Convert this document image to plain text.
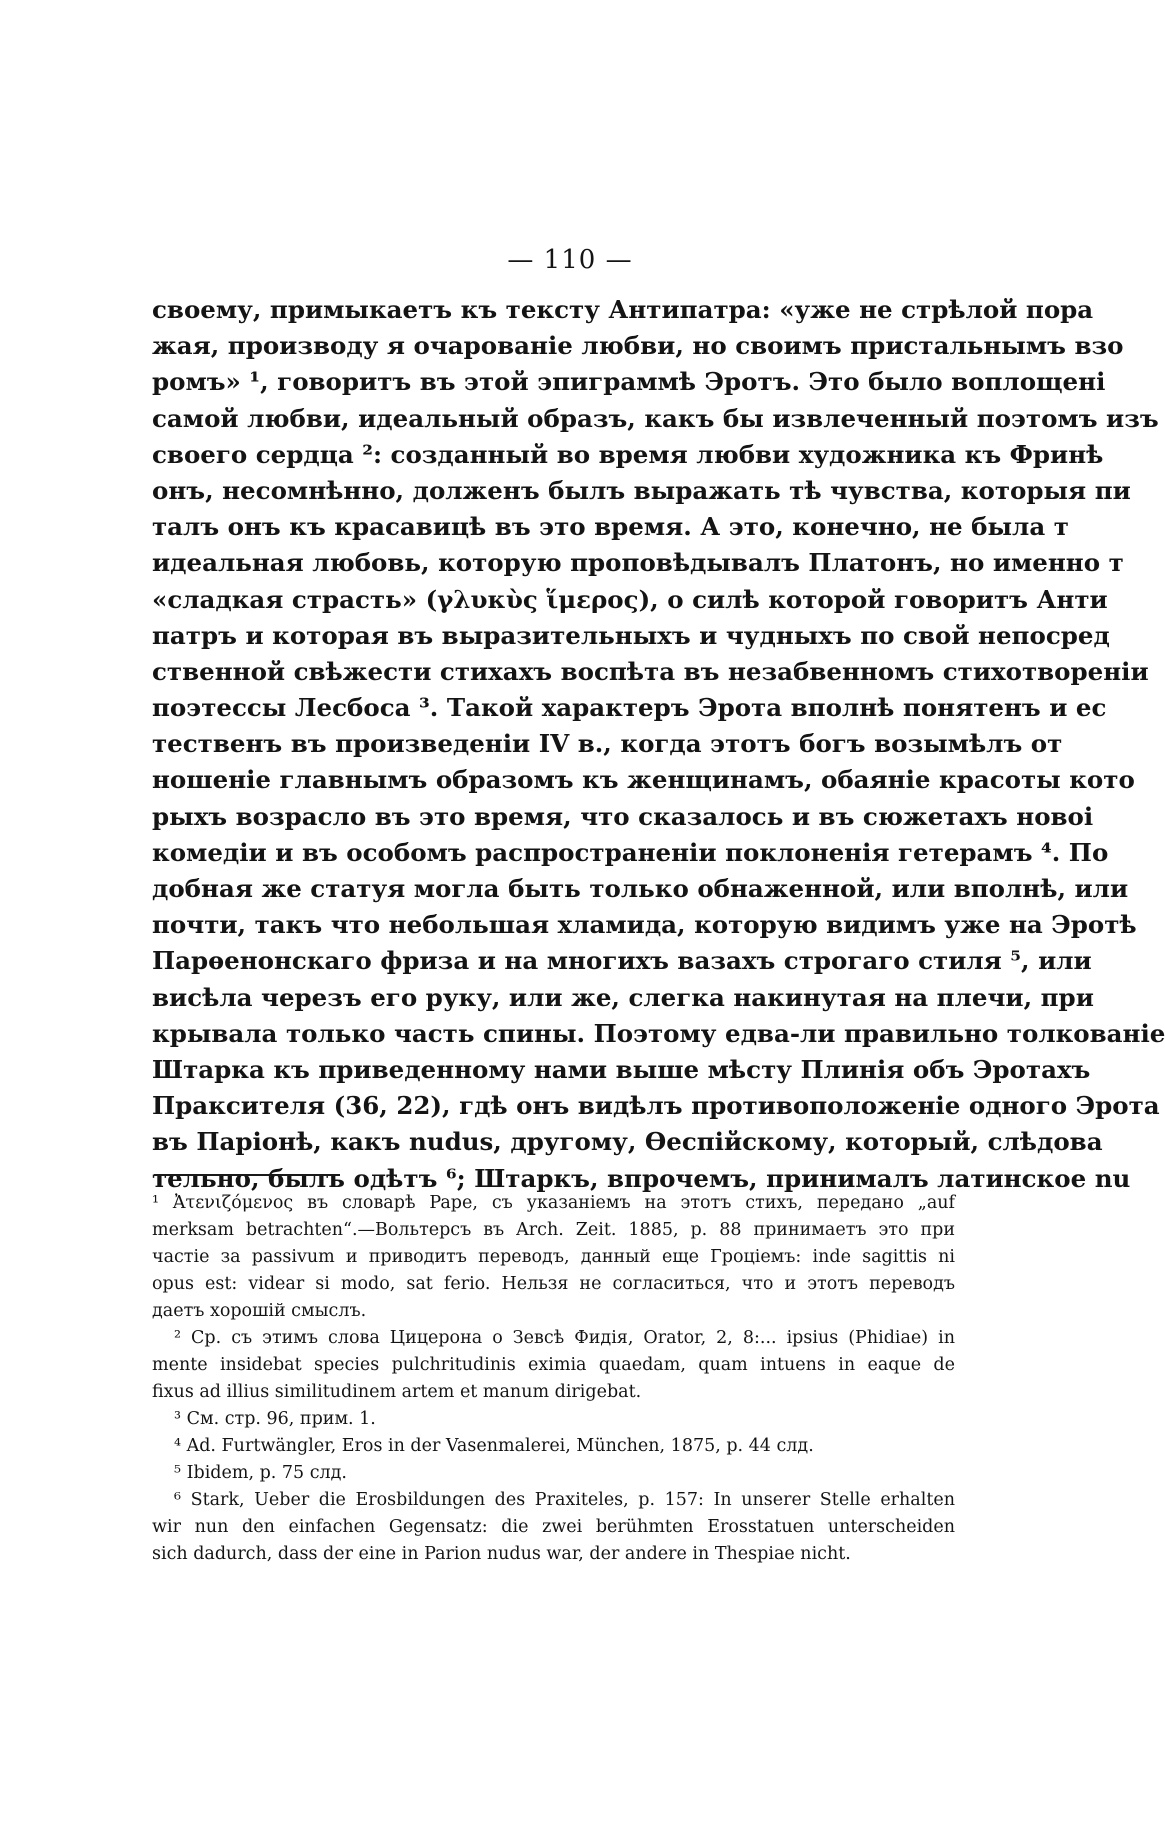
— 110 —
своему, примыкаетъ къ тексту Антипатра: «уже не стрѣлой пора
жая, производу я очарованіе любви, но своимъ пристальнымъ взо
ромъ» ¹, говоритъ въ этой эпиграммѣ Эротъ. Это было воплощені
самой любви, идеальный образъ, какъ бы извлеченный поэтомъ изъ
своего сердца ²: созданный во время любви художника къ Фринѣ
онъ, несомнѣнно, долженъ былъ выражать тѣ чувства, которыя пи
талъ онъ къ красавицѣ въ это время. А это, конечно, не была т
идеальная любовь, которую проповѣдывалъ Платонъ, но именно т
«сладкая страсть» (γλυκὺς ἵμερος), о силѣ которой говоритъ Анти
патръ и которая въ выразительныхъ и чудныхъ по свой непосред
ственной свѣжести стихахъ воспѣта въ незабвенномъ стихотвореніи
поэтессы Лесбоса ³. Такой характеръ Эрота вполнѣ понятенъ и ес
тественъ въ произведеніи IV в., когда этотъ богъ возымѣлъ от
ношеніе главнымъ образомъ къ женщинамъ, обаяніе красоты кото
рыхъ возрасло въ это время, что сказалось и въ сюжетахъ новоі
комедіи и въ особомъ распространеніи поклоненія гетерамъ ⁴. По
добная же статуя могла быть только обнаженной, или вполнѣ, или
почти, такъ что небольшая хламида, которую видимъ уже на Эротѣ
Парѳенонскаго фриза и на многихъ вазахъ строгаго стиля ⁵, или
висѣла черезъ его руку, или же, слегка накинутая на плечи, при
крывала только часть спины. Поэтому едва-ли правильно толкованіе
Штарка къ приведенному нами выше мѣсту Плинія объ Эротахъ
Праксителя (36, 22), гдѣ онъ видѣлъ противоположеніе одного Эрота
въ Паріонѣ, какъ nudus, другому, Ѳеспійскому, который, слѣдова
тельно, былъ одѣтъ ⁶; Штаркъ, впрочемъ, принималъ латинское nu
¹ Ἀτενιζόμενος въ словарѣ Pape, съ указаніемъ на этотъ стихъ, передано „auf
merksam betrachten“.—Вольтерсъ въ Arch. Zeit. 1885, p. 88 принимаетъ это при
частіе за passivum и приводитъ переводъ, данный еще Гроціемъ: inde sagittis ni
opus est: videar si modo, sat ferio. Нельзя не согласиться, что и этотъ переводъ
даетъ хорошій смыслъ.
² Ср. съ этимъ слова Цицерона о Зевсѣ Фидія, Orator, 2, 8:... ipsius (Phidiae) in
mente insidebat species pulchritudinis eximia quaedam, quam intuens in eaque de
fixus ad illius similitudinem artem et manum dirigebat.
³ См. стр. 96, прим. 1.
⁴ Ad. Furtwängler, Eros in der Vasenmalerei, München, 1875, p. 44 слд.
⁵ Ibidem, p. 75 слд.
⁶ Stark, Ueber die Erosbildungen des Praxiteles, p. 157: In unserer Stelle erhalten
wir nun den einfachen Gegensatz: die zwei berühmten Erosstatuen unterscheiden
sich dadurch, dass der eine in Parion nudus war, der andere in Thespiae nicht.
